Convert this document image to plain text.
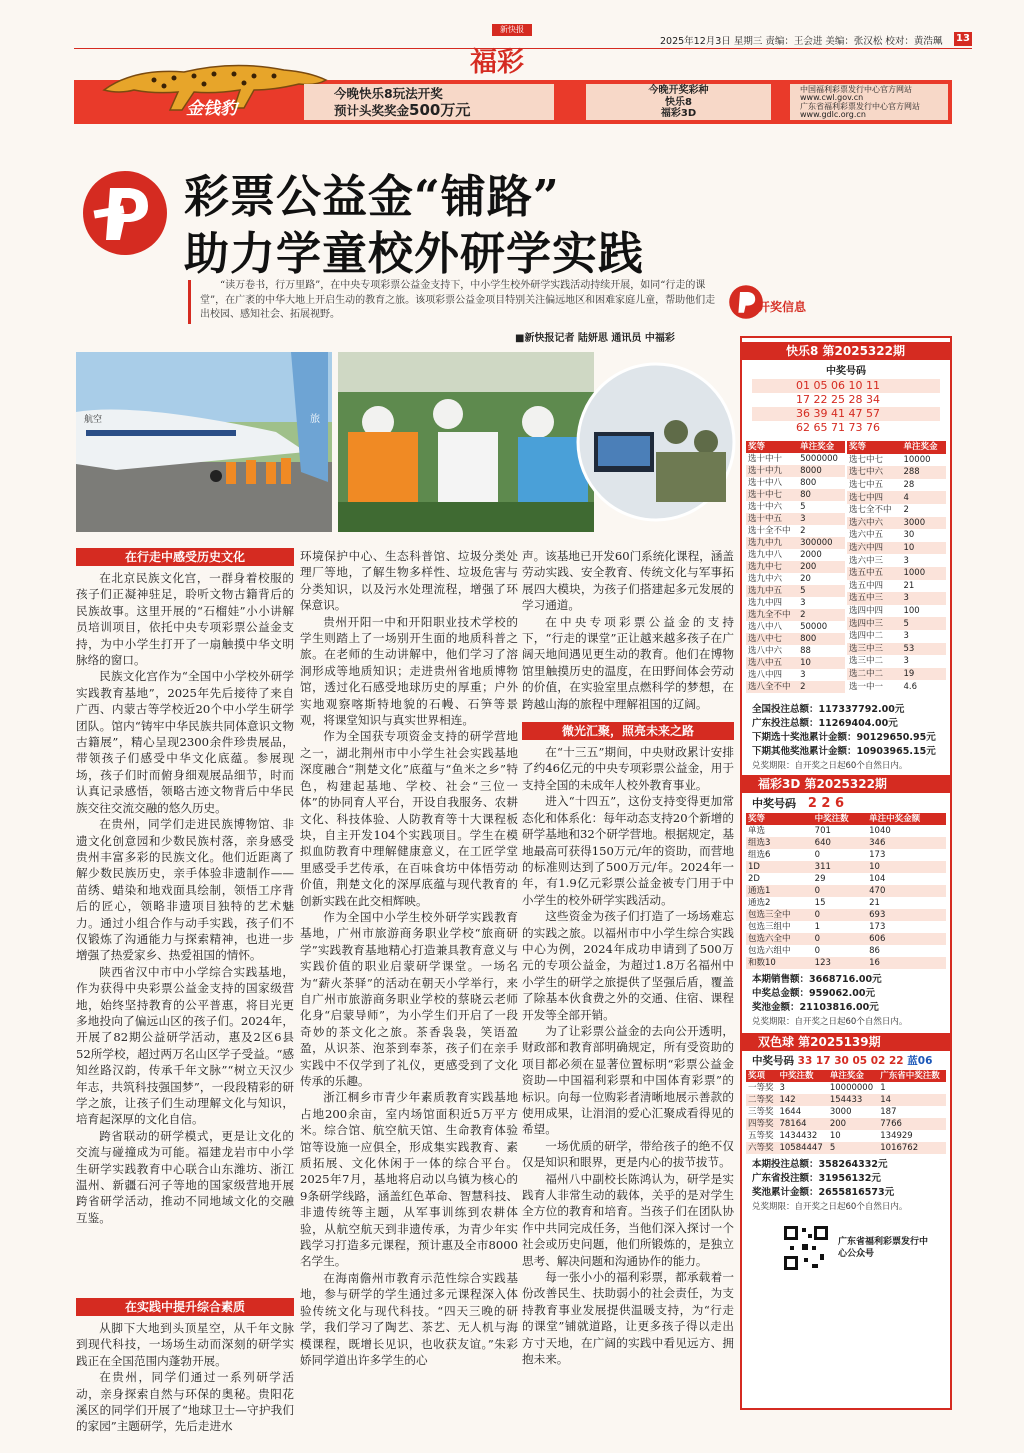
2025年12月3日 星期三 责编：王会进 美编：张汉松 校对：黄浩珮 13
新快报
福彩
金钱豹
今晚快乐8玩法开奖
预计头奖奖金500万元
今晚开奖彩种
快乐8
福彩3D
中国福利彩票发行中心官方网站
www.cwl.gov.cn
广东省福利彩票发行中心官方网站
www.gdlc.org.cn
彩票公益金“铺路”
助力学童校外研学实践
“读万卷书，行万里路”，在中央专项彩票公益金支持下，中小学生校外研学实践活动持续开展，如同“行走的课堂”，在广袤的中华大地上开启生动的教育之旅。该项彩票公益金项目特别关注偏远地区和困难家庭儿童，帮助他们走出校园、感知社会、拓展视野。
■新快报记者 陆妍思 通讯员 中福彩
航空	旅
在行走中感受历史文化

在北京民族文化宫，一群身着校服的孩子们正凝神驻足，聆听文物古籍背后的民族故事。这里开展的“石榴娃”小小讲解员培训项目，依托中央专项彩票公益金支持，为中小学生打开了一扇触摸中华文明脉络的窗口。

民族文化宫作为“全国中小学校外研学实践教育基地”，2025年先后接待了来自广西、内蒙古等学校近20个中小学生研学团队。馆内“铸牢中华民族共同体意识文物古籍展”，精心呈现2300余件珍贵展品，带领孩子们感受中华文化底蕴。参展现场，孩子们时而俯身细观展品细节，时而认真记录感悟，领略古迹文物背后中华民族交往交流交融的悠久历史。

在贵州，同学们走进民族博物馆、非遗文化创意园和少数民族村落，亲身感受贵州丰富多彩的民族文化。他们近距离了解少数民族历史，亲手体验非遗制作——苗绣、蜡染和地戏面具绘制，领悟工序背后的匠心，领略非遗项目独特的艺术魅力。通过小组合作与动手实践，孩子们不仅锻炼了沟通能力与探索精神，也进一步增强了热爱家乡、热爱祖国的情怀。

陕西省汉中市中小学综合实践基地，作为获得中央彩票公益金支持的国家级营地，始终坚持教育的公平普惠，将目光更多地投向了偏远山区的孩子们。2024年，开展了82期公益研学活动，惠及2区6县52所学校，超过两万名山区学子受益。“感知丝路汉韵，传承千年文脉”“树立天汉少年志，共筑科技强国梦”，一段段精彩的研学之旅，让孩子们生动理解文化与知识，培育起深厚的文化自信。

跨省联动的研学模式，更是让文化的交流与碰撞成为可能。福建龙岩市中小学生研学实践教育中心联合山东潍坊、浙江温州、新疆石河子等地的国家级营地开展跨省研学活动，推动不同地域文化的交融互鉴。

在实践中提升综合素质

从脚下大地到头顶星空，从千年文脉到现代科技，一场场生动而深刻的研学实践正在全国范围内蓬勃开展。

在贵州，同学们通过一系列研学活动，亲身探索自然与环保的奥秘。贵阳花溪区的同学们开展了“地球卫士—守护我们的家园”主题研学，先后走进水

环境保护中心、生态科普馆、垃圾分类处理厂等地，了解生物多样性、垃圾危害与分类知识，以及污水处理流程，增强了环保意识。

贵州开阳一中和开阳职业技术学校的学生则踏上了一场别开生面的地质科普之旅。在老师的生动讲解中，他们学习了溶洞形成等地质知识；走进贵州省地质博物馆，透过化石感受地球历史的厚重；户外实地观察喀斯特地貌的石幔、石笋等景观，将课堂知识与真实世界相连。

作为全国获专项资金支持的研学营地之一，湖北荆州市中小学生社会实践基地深度融合“荆楚文化”底蕴与“鱼米之乡”特色，构建起基地、学校、社会“三位一体”的协同育人平台，开设自我服务、农耕文化、科技体验、人防教育等十大课程板块，自主开发104个实践项目。学生在模拟血防教育中理解健康意义，在工匠学堂里感受手艺传承，在百味食坊中体悟劳动价值，荆楚文化的深厚底蕴与现代教育的创新实践在此交相辉映。

作为全国中小学生校外研学实践教育基地，广州市旅游商务职业学校“旅商研学”实践教育基地精心打造兼具教育意义与实践价值的职业启蒙研学课堂。一场名为“薪火茶驿”的活动在朝天小学举行，来自广州市旅游商务职业学校的蔡晓云老师化身“启蒙导师”，为小学生们开启了一段奇妙的茶文化之旅。茶香袅袅，笑语盈盈，从识茶、泡茶到奉茶，孩子们在亲手实践中不仅学到了礼仪，更感受到了文化传承的乐趣。

浙江桐乡市青少年素质教育实践基地占地200余亩，室内场馆面积近5万平方米。综合馆、航空航天馆、生命教育体验馆等设施一应俱全，形成集实践教育、素质拓展、文化休闲于一体的综合平台。2025年7月，基地将启动以乌镇为核心的9条研学线路，涵盖红色革命、智慧科技、非遗传统等主题，从军事训练到农耕体验，从航空航天到非遗传承，为青少年实践学习打造多元课程，预计惠及全市8000名学生。

在海南儋州市教育示范性综合实践基地，参与研学的学生通过多元课程深入体验传统文化与现代科技。“四天三晚的研学，我们学习了陶艺、茶艺、无人机与海模课程，既增长见识，也收获友谊。”朱彩娇同学道出许多学生的心

声。该基地已开发60门系统化课程，涵盖劳动实践、安全教育、传统文化与军事拓展四大模块，为孩子们搭建起多元发展的学习通道。

在中央专项彩票公益金的支持下，“行走的课堂”正让越来越多孩子在广阔天地间遇见更生动的教育。他们在博物馆里触摸历史的温度，在田野间体会劳动的价值，在实验室里点燃科学的梦想，在跨越山海的旅程中理解祖国的辽阔。

微光汇聚，照亮未来之路

在“十三五”期间，中央财政累计安排了约46亿元的中央专项彩票公益金，用于支持全国的未成年人校外教育事业。

进入“十四五”，这份支持变得更加常态化和体系化：每年动态支持20个新增的研学基地和32个研学营地。根据规定，基地最高可获得150万元/年的资助，而营地的标准则达到了500万元/年。2024年一年，有1.9亿元彩票公益金被专门用于中小学生的校外研学实践活动。

这些资金为孩子们打造了一场场难忘的实践之旅。以福州市中小学生综合实践中心为例，2024年成功申请到了500万元的专项公益金，为超过1.8万名福州中小学生的研学之旅提供了坚强后盾，覆盖了除基本伙食费之外的交通、住宿、课程开发等全部开销。

为了让彩票公益金的去向公开透明，财政部和教育部明确规定，所有受资助的项目都必须在显著位置标明“彩票公益金资助—中国福利彩票和中国体育彩票”的标识。向每一位购彩者清晰地展示善款的使用成果，让涓涓的爱心汇聚成看得见的希望。

一场优质的研学，带给孩子的绝不仅仅是知识和眼界，更是内心的拔节拔节。

福州八中副校长陈鸿认为，研学是实践育人非常生动的载体，关乎的是对学生全方位的教育和培育。当孩子们在团队协作中共同完成任务，当他们深入探讨一个社会或历史问题，他们所锻炼的，是独立思考、解决问题和沟通协作的能力。

每一张小小的福利彩票，都承载着一份改善民生、扶助弱小的社会责任，为支持教育事业发展提供温暖支持，为“行走的课堂”铺就道路，让更多孩子得以走出方寸天地，在广阔的实践中看见远方、拥抱未来。

开奖信息
快乐8 第2025322期
中奖号码
01 05 06 10 11
17 22 25 28 34
36 39 41 47 57
62 65 71 73 76
奖等	单注奖金
选十中十	5000000
选十中九	8000
选十中八	800
选十中七	80
选十中六	5
选十中五	3
选十全不中	2
选九中九	300000
选九中八	2000
选九中七	200
选九中六	20
选九中五	5
选九中四	3
选九全不中	2
选八中八	50000
选八中七	800
选八中六	88
选八中五	10
选八中四	3
选八全不中	2
奖等	单注奖金
选七中七	10000
选七中六	288
选七中五	28
选七中四	4
选七全不中	2
选六中六	3000
选六中五	30
选六中四	10
选六中三	3
选五中五	1000
选五中四	21
选五中三	3
选四中四	100
选四中三	5
选四中二	3
选三中三	53
选三中二	3
选二中二	19
选一中一	4.6
全国投注总额：117337792.00元
广东投注总额：11269404.00元
下期选十奖池累计金额：90129650.95元
下期其他奖池累计金额：10903965.15元
兑奖期限：自开奖之日起60个自然日内。
福彩3D 第2025322期
中奖号码 2 2 6
奖等	中奖注数	单注中奖金额
单选	701	1040
组选3	640	346
组选6	0	173
1D	311	10
2D	29	104
通选1	0	470
通选2	15	21
包选三全中	0	693
包选三组中	1	173
包选六全中	0	606
包选六组中	0	86
和数10	123	16
本期销售额：3668716.00元
中奖总金额：959062.00元
奖池金额：21103816.00元
兑奖期限：自开奖之日起60个自然日内。
双色球 第2025139期
中奖号码 33 17 30 05 02 22 蓝06
奖项	中奖注数	单注奖金	广东省中奖注数
一等奖	3	10000000	1
二等奖	142	154433	14
三等奖	1644	3000	187
四等奖	78164	200	7766
五等奖	1434432	10	134929
六等奖	10584447	5	1016762
本期投注总额：358264332元
广东省投注额：31956132元
奖池累计金额：2655816573元
兑奖期限：自开奖之日起60个自然日内。
广东省福利彩票发行中心公众号
